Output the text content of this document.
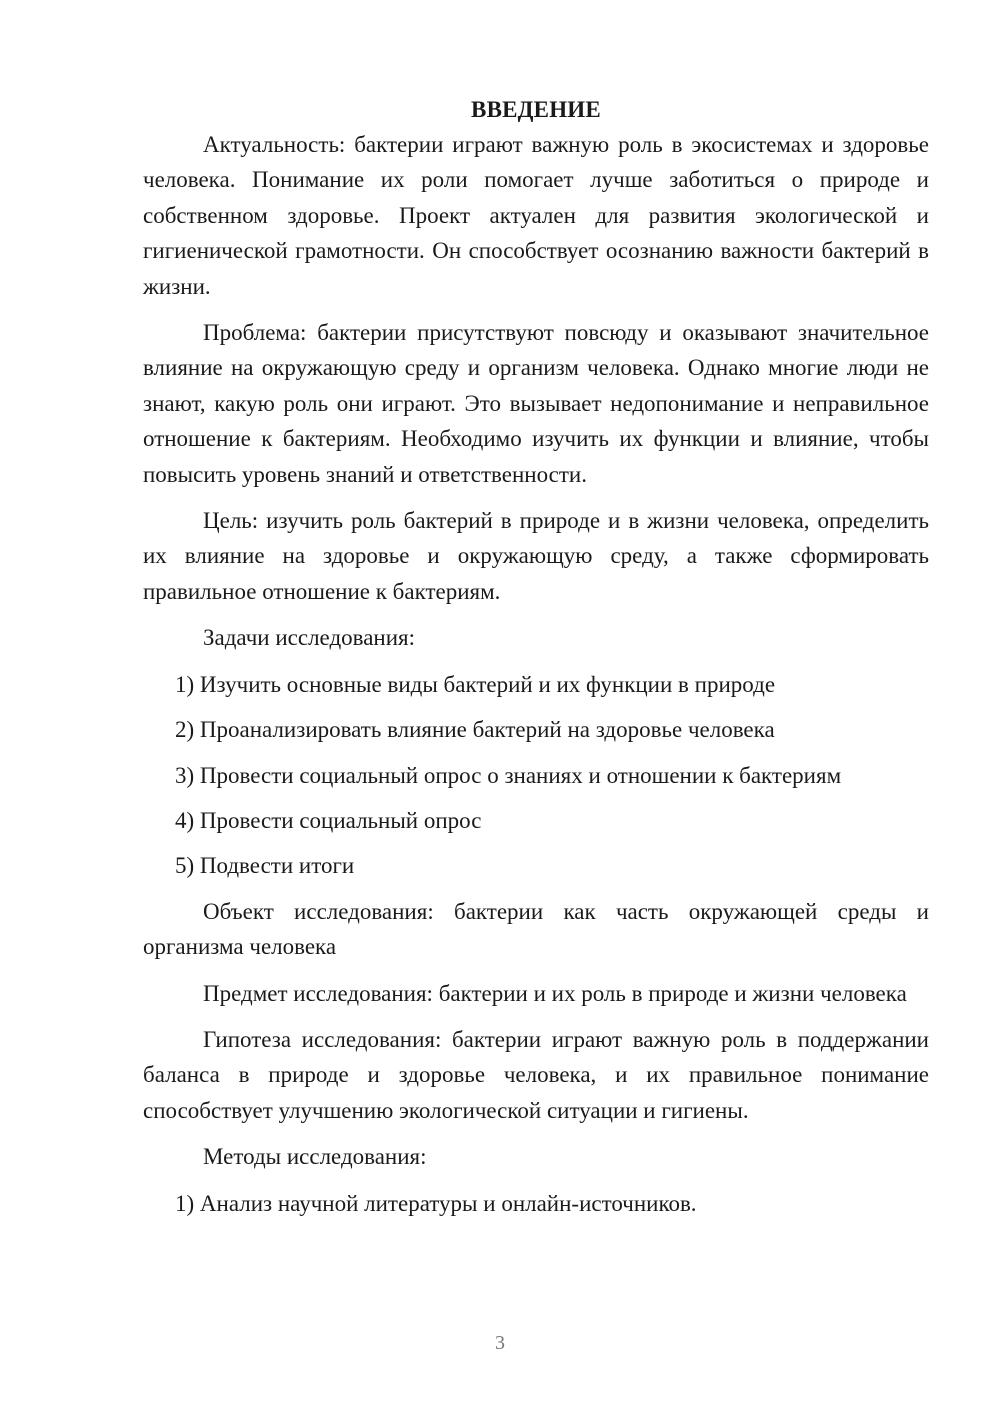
ВВЕДЕНИЕ

Актуальность: бактерии играют важную роль в экосистемах и здоровье человека. Понимание их роли помогает лучше заботиться о природе и собственном здоровье. Проект актуален для развития экологической и гигиенической грамотности. Он способствует осознанию важности бактерий в жизни.

Проблема: бактерии присутствуют повсюду и оказывают значительное влияние на окружающую среду и организм человека. Однако многие люди не знают, какую роль они играют. Это вызывает недопонимание и неправильное отношение к бактериям. Необходимо изучить их функции и влияние, чтобы повысить уровень знаний и ответственности.

Цель: изучить роль бактерий в природе и в жизни человека, определить их влияние на здоровье и окружающую среду, а также сформировать правильное отношение к бактериям.

Задачи исследования:

1) Изучить основные виды бактерий и их функции в природе
2) Проанализировать влияние бактерий на здоровье человека
3) Провести социальный опрос о знаниях и отношении к бактериям
4) Провести социальный опрос
5) Подвести итоги

Объект исследования: бактерии как часть окружающей среды и организма человека

Предмет исследования: бактерии и их роль в природе и жизни человека

Гипотеза исследования: бактерии играют важную роль в поддержании баланса в природе и здоровье человека, и их правильное понимание способствует улучшению экологической ситуации и гигиены.

Методы исследования:

1) Анализ научной литературы и онлайн-источников.
3
